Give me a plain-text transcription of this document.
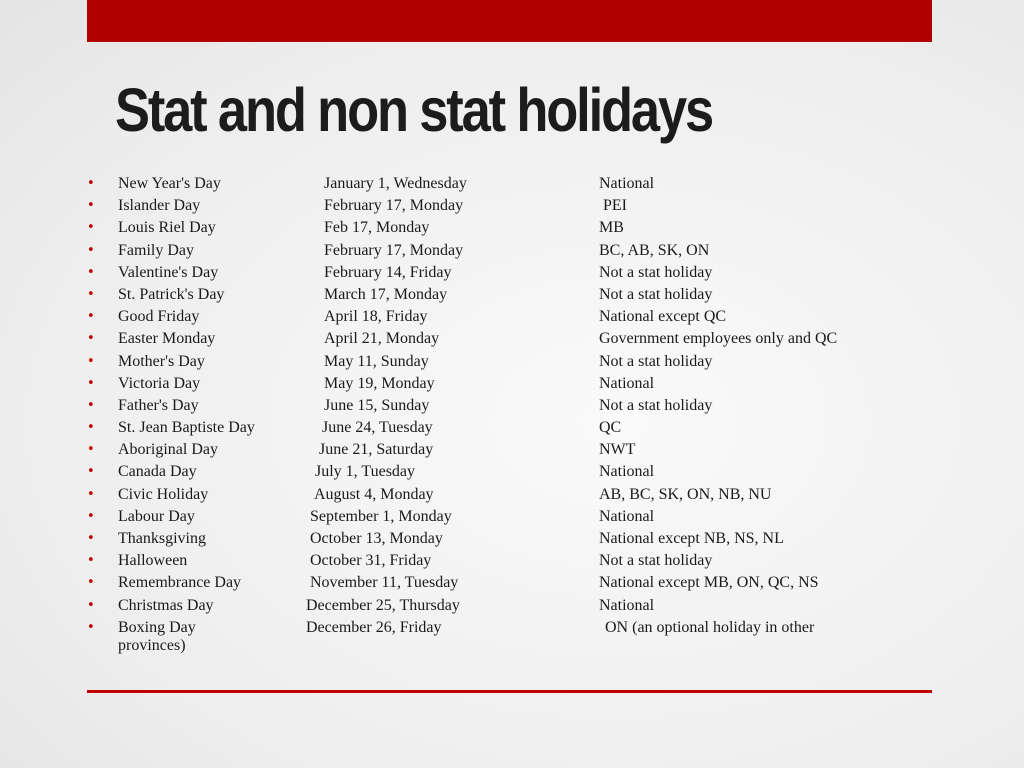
Stat and non stat holidays
• New Year's Day	January 1, Wednesday	National
• Islander Day	February 17, Monday	PEI
• Louis Riel Day	Feb 17, Monday	MB
• Family Day	February 17, Monday	BC, AB, SK, ON
• Valentine's Day	February 14, Friday	Not a stat holiday
• St. Patrick's Day	March 17, Monday	Not a stat holiday
• Good Friday	April 18, Friday	National except QC
• Easter Monday	April 21, Monday	Government employees only and QC
• Mother's Day	May 11, Sunday	Not a stat holiday
• Victoria Day	May 19, Monday	National
• Father's Day	June 15, Sunday	Not a stat holiday
• St. Jean Baptiste Day	June 24, Tuesday	QC
• Aboriginal Day	June 21, Saturday	NWT
• Canada Day	July 1, Tuesday	National
• Civic Holiday	August 4, Monday	AB, BC, SK, ON, NB, NU
• Labour Day	September 1, Monday	National
• Thanksgiving	October 13, Monday	National except NB, NS, NL
• Halloween	October 31, Friday	Not a stat holiday
• Remembrance Day	November 11, Tuesday	National except MB, ON, QC, NS
• Christmas Day	December 25, Thursday	National
• Boxing Day	December 26, Friday	ON (an optional holiday in other
provinces)
